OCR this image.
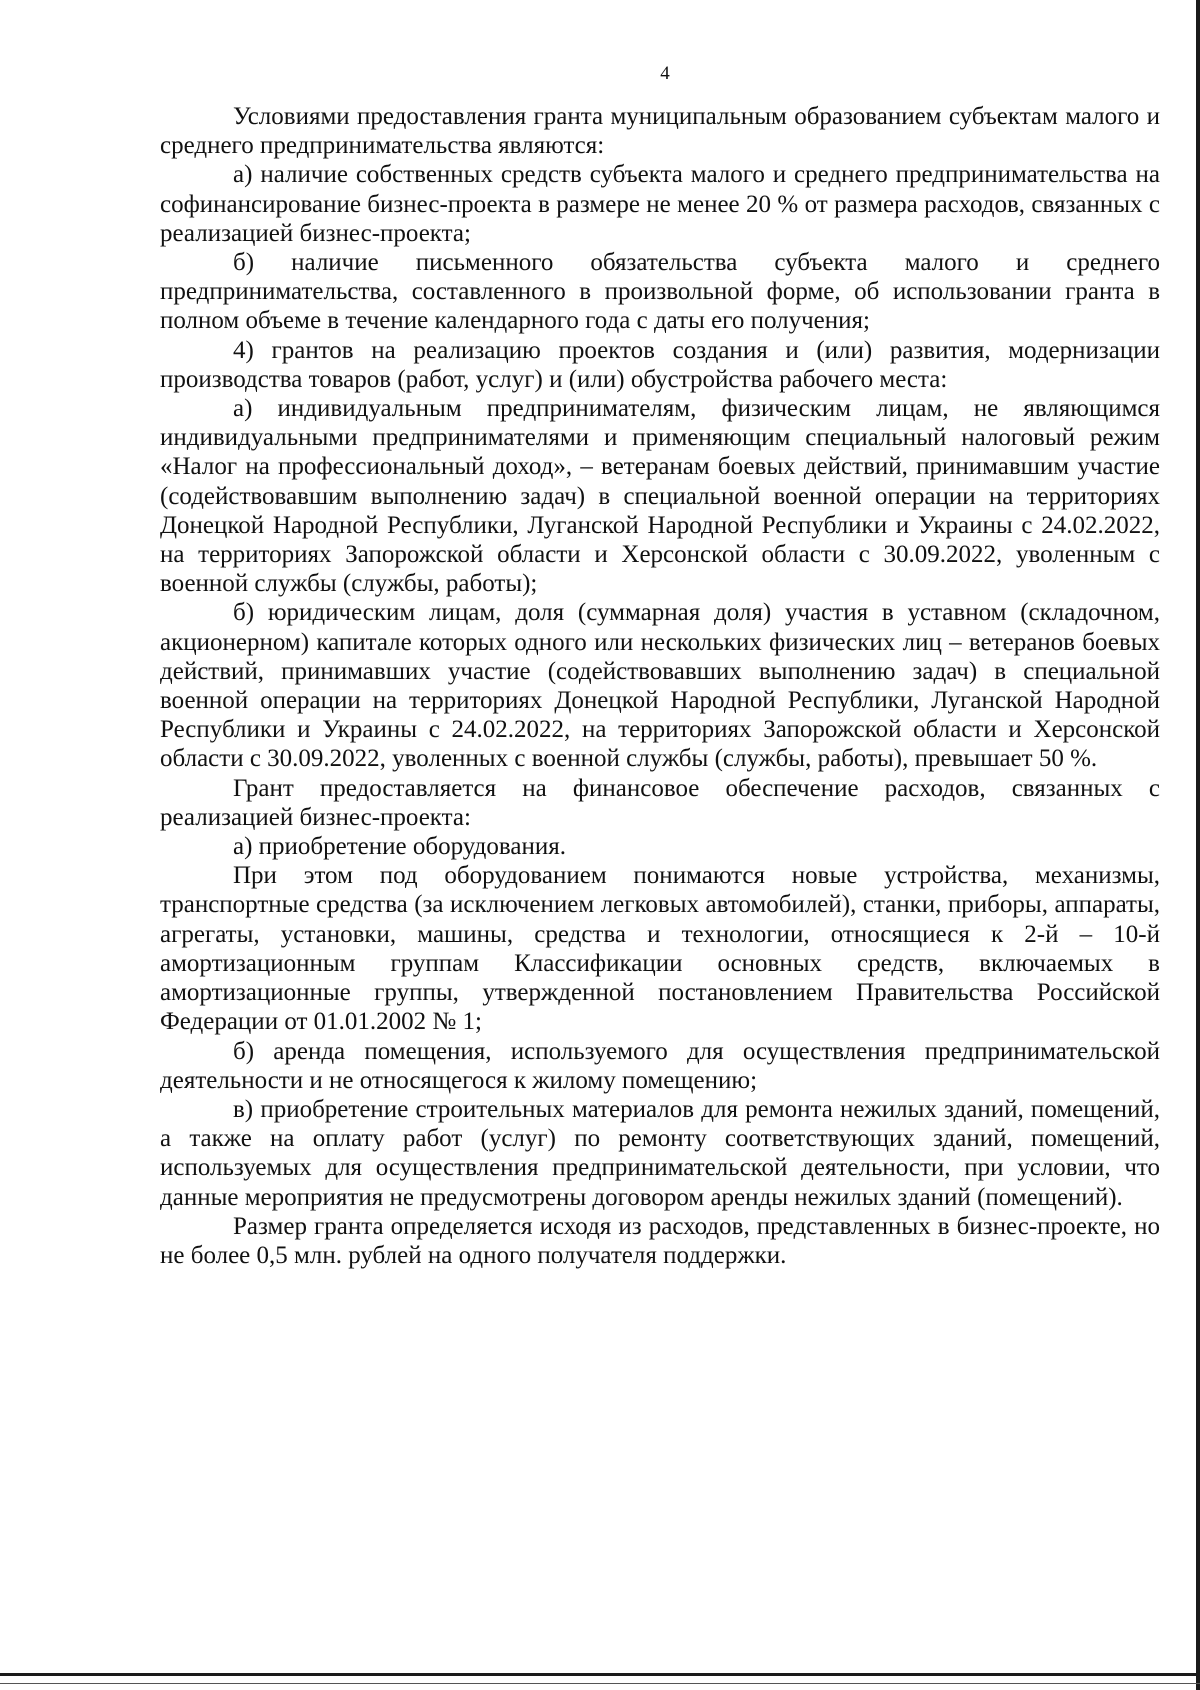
4

Условиями предоставления гранта муниципальным образованием субъектам малого и среднего предпринимательства являются:

а) наличие собственных средств субъекта малого и среднего предпринимательства на софинансирование бизнес-проекта в размере не менее 20 % от размера расходов, связанных с реализацией бизнес-проекта;

б) наличие письменного обязательства субъекта малого и среднего предпринимательства, составленного в произвольной форме, об использовании гранта в полном объеме в течение календарного года с даты его получения;

4) грантов на реализацию проектов создания и (или) развития, модернизации производства товаров (работ, услуг) и (или) обустройства рабочего места:

а) индивидуальным предпринимателям, физическим лицам, не являющимся индивидуальными предпринимателями и применяющим специальный налоговый режим «Налог на профессиональный доход», – ветеранам боевых действий, принимавшим участие (содействовавшим выполнению задач) в специальной военной операции на территориях Донецкой Народной Республики, Луганской Народной Республики и Украины с 24.02.2022, на территориях Запорожской области и Херсонской области с 30.09.2022, уволенным с военной службы (службы, работы);

б) юридическим лицам, доля (суммарная доля) участия в уставном (складочном, акционерном) капитале которых одного или нескольких физических лиц – ветеранов боевых действий, принимавших участие (содействовавших выполнению задач) в специальной военной операции на территориях Донецкой Народной Республики, Луганской Народной Республики и Украины с 24.02.2022, на территориях Запорожской области и Херсонской области с 30.09.2022, уволенных с военной службы (службы, работы), превышает 50 %.

Грант предоставляется на финансовое обеспечение расходов, связанных с реализацией бизнес-проекта:

а) приобретение оборудования.

При этом под оборудованием понимаются новые устройства, механизмы, транспортные средства (за исключением легковых автомобилей), станки, приборы, аппараты, агрегаты, установки, машины, средства и технологии, относящиеся к 2-й – 10-й амортизационным группам Классификации основных средств, включаемых в амортизационные группы, утвержденной постановлением Правительства Российской Федерации от 01.01.2002 № 1;

б) аренда помещения, используемого для осуществления предпринимательской деятельности и не относящегося к жилому помещению;

в) приобретение строительных материалов для ремонта нежилых зданий, помещений, а также на оплату работ (услуг) по ремонту соответствующих зданий, помещений, используемых для осуществления предпринимательской деятельности, при условии, что данные мероприятия не предусмотрены договором аренды нежилых зданий (помещений).

Размер гранта определяется исходя из расходов, представленных в бизнес-проекте, но не более 0,5 млн. рублей на одного получателя поддержки.
